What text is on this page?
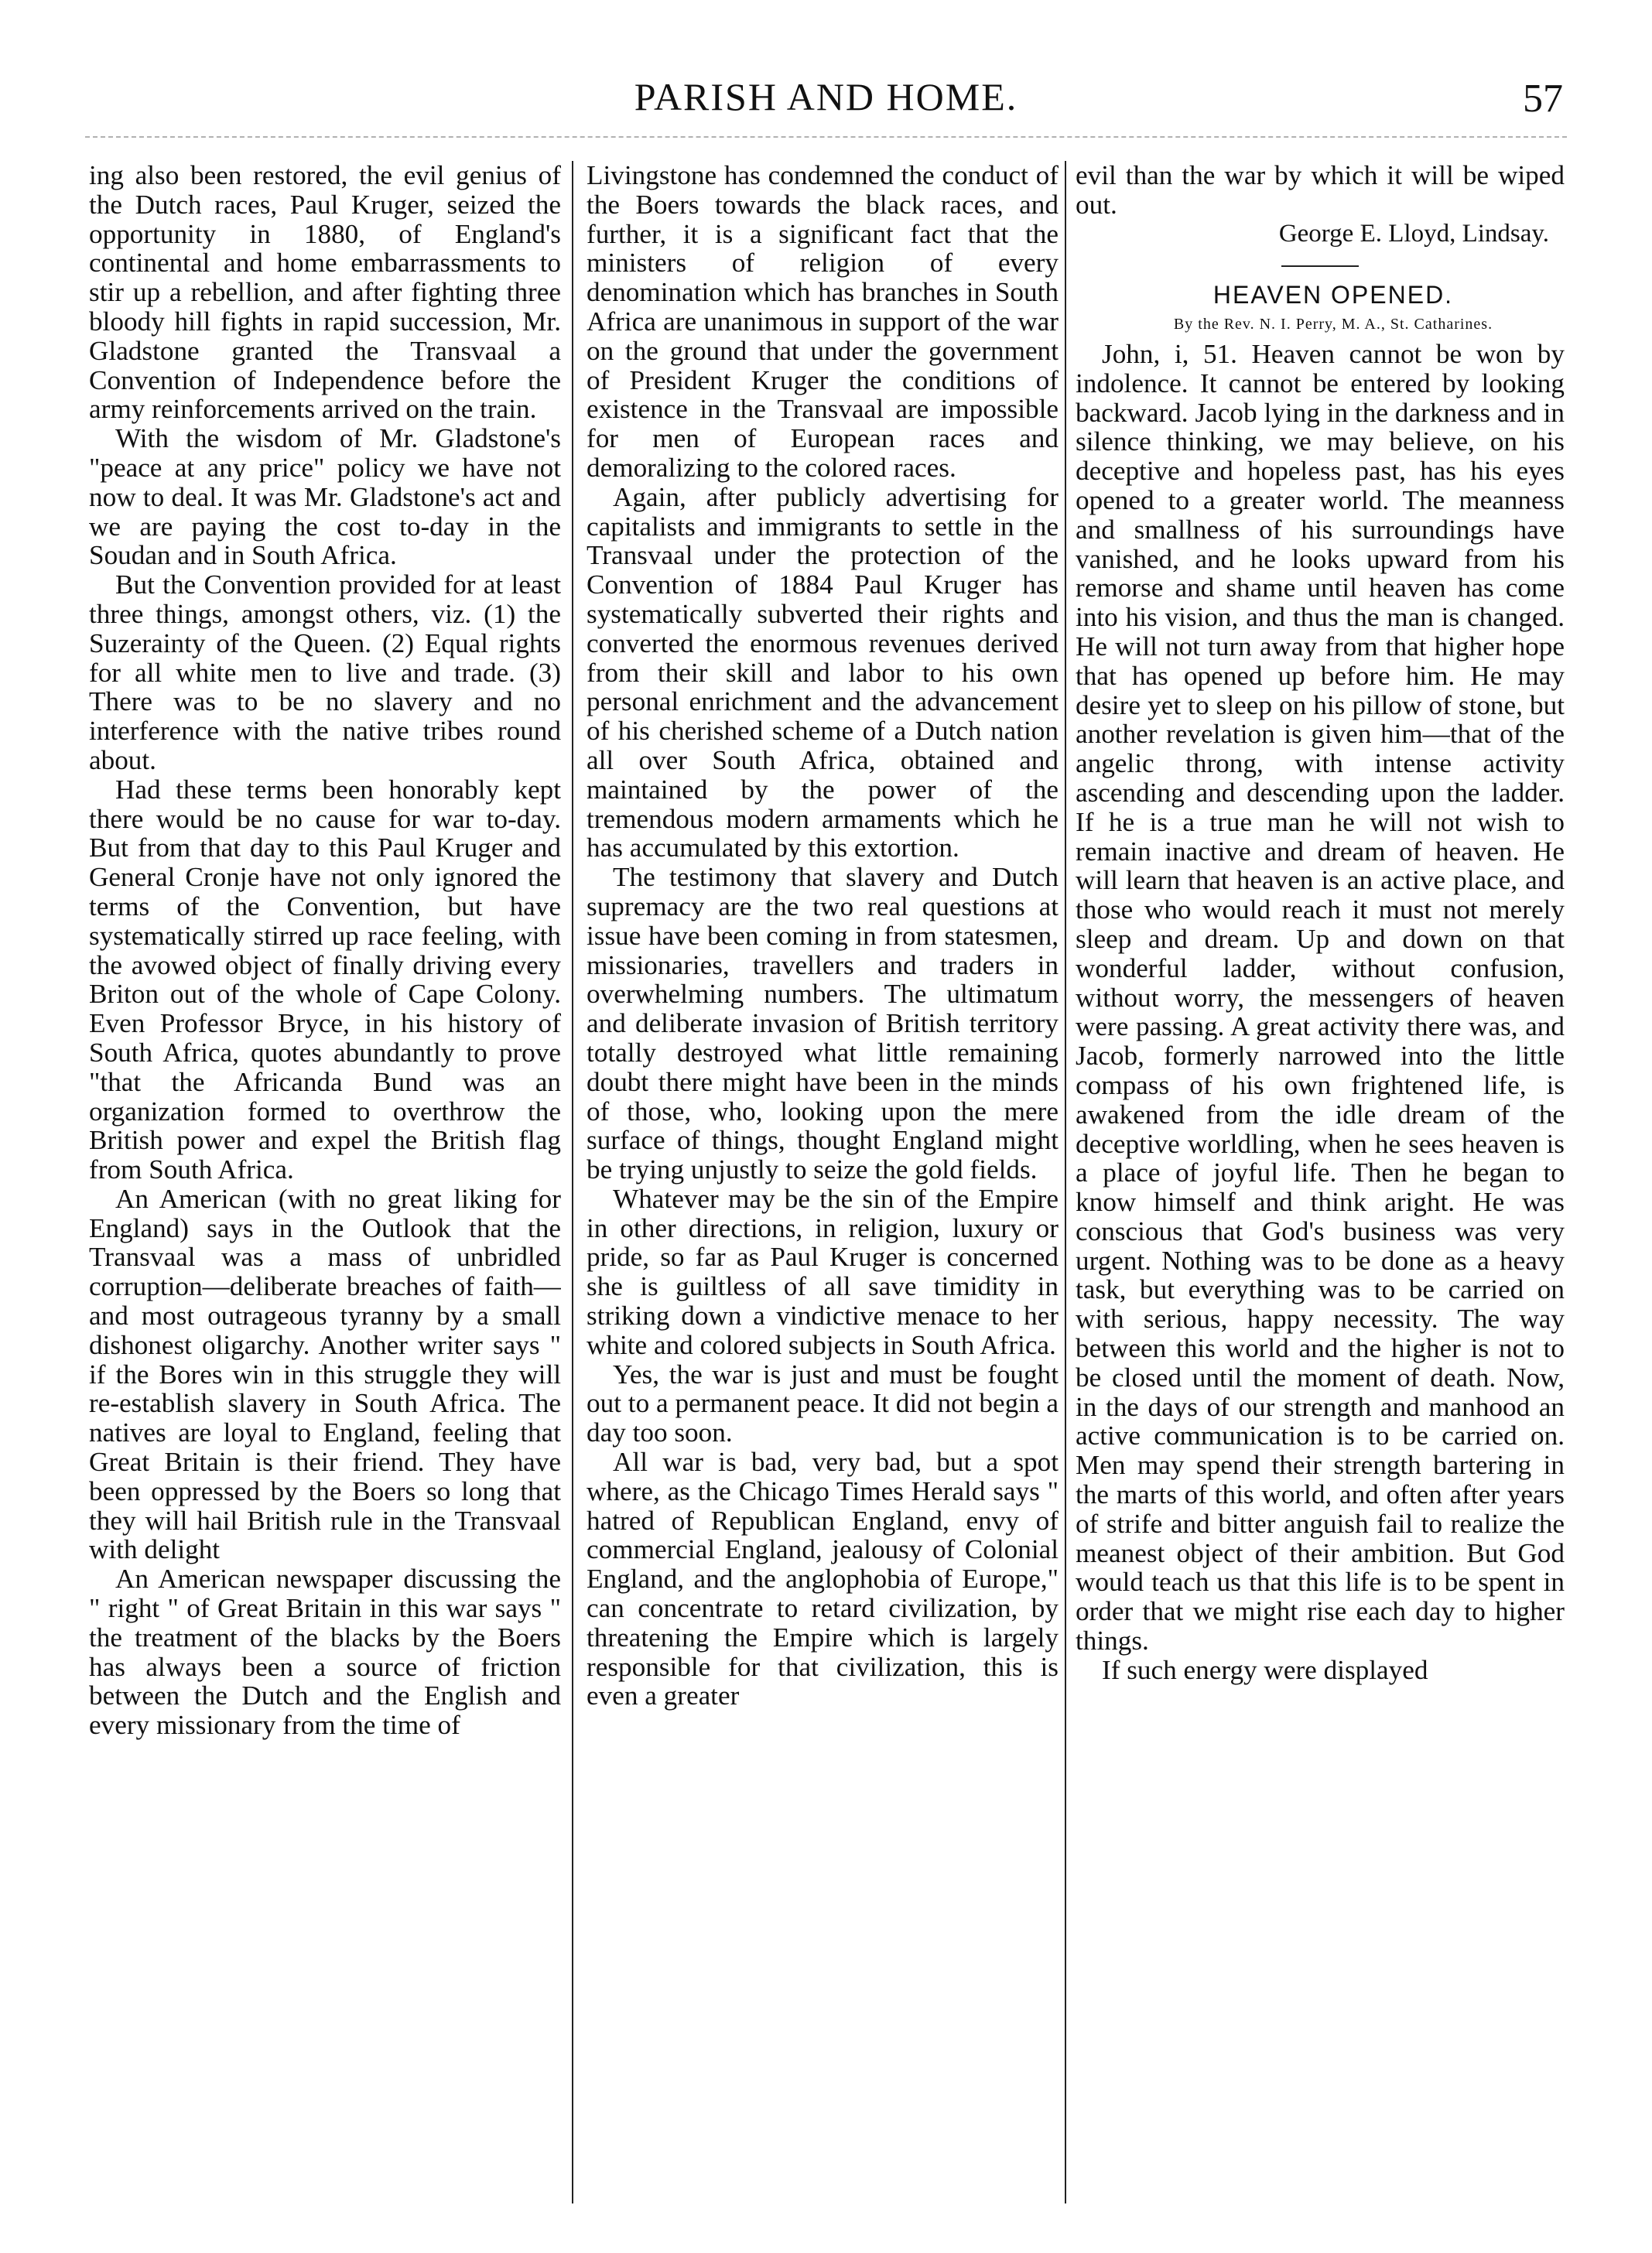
PARISH AND HOME.	57

ing also been restored, the evil genius of the Dutch races, Paul Kruger, seized the opportunity in 1880, of England's continental and home embarrassments to stir up a rebellion, and after fighting three bloody hill fights in rapid succession, Mr. Gladstone granted the Transvaal a Convention of Independence before the army reinforcements arrived on the train.

With the wisdom of Mr. Gladstone's "peace at any price" policy we have not now to deal. It was Mr. Gladstone's act and we are paying the cost to-day in the Soudan and in South Africa.

But the Convention provided for at least three things, amongst others, viz. (1) the Suzerainty of the Queen. (2) Equal rights for all white men to live and trade. (3) There was to be no slavery and no interference with the native tribes round about.

Had these terms been honorably kept there would be no cause for war to-day. But from that day to this Paul Kruger and General Cronje have not only ignored the terms of the Convention, but have systematically stirred up race feeling, with the avowed object of finally driving every Briton out of the whole of Cape Colony. Even Professor Bryce, in his history of South Africa, quotes abundantly to prove "that the Africanda Bund was an organization formed to overthrow the British power and expel the British flag from South Africa.

An American (with no great liking for England) says in the Outlook that the Transvaal was a mass of unbridled corruption—deliberate breaches of faith—and most outrageous tyranny by a small dishonest oligarchy. Another writer says " if the Bores win in this struggle they will re-establish slavery in South Africa. The natives are loyal to England, feeling that Great Britain is their friend. They have been oppressed by the Boers so long that they will hail British rule in the Transvaal with delight

An American newspaper discussing the " right " of Great Britain in this war says " the treatment of the blacks by the Boers has always been a source of friction between the Dutch and the English and every missionary from the time of

Livingstone has condemned the conduct of the Boers towards the black races, and further, it is a significant fact that the ministers of religion of every denomination which has branches in South Africa are unanimous in support of the war on the ground that under the government of President Kruger the conditions of existence in the Transvaal are impossible for men of European races and demoralizing to the colored races.

Again, after publicly advertising for capitalists and immigrants to settle in the Transvaal under the protection of the Convention of 1884 Paul Kruger has systematically subverted their rights and converted the enormous revenues derived from their skill and labor to his own personal enrichment and the advancement of his cherished scheme of a Dutch nation all over South Africa, obtained and maintained by the power of the tremendous modern armaments which he has accumulated by this extortion.

The testimony that slavery and Dutch supremacy are the two real questions at issue have been coming in from statesmen, missionaries, travellers and traders in overwhelming numbers. The ultimatum and deliberate invasion of British territory totally destroyed what little remaining doubt there might have been in the minds of those, who, looking upon the mere surface of things, thought England might be trying unjustly to seize the gold fields.

Whatever may be the sin of the Empire in other directions, in religion, luxury or pride, so far as Paul Kruger is concerned she is guiltless of all save timidity in striking down a vindictive menace to her white and colored subjects in South Africa.

Yes, the war is just and must be fought out to a permanent peace. It did not begin a day too soon.

All war is bad, very bad, but a spot where, as the Chicago Times Herald says " hatred of Republican England, envy of commercial England, jealousy of Colonial England, and the anglophobia of Europe," can concentrate to retard civilization, by threatening the Empire which is largely responsible for that civilization, this is even a greater

evil than the war by which it will be wiped out.

George E. Lloyd, Lindsay.

HEAVEN OPENED.

By the Rev. N. I. Perry, M. A., St. Catharines.

John, i, 51. Heaven cannot be won by indolence. It cannot be entered by looking backward. Jacob lying in the darkness and in silence thinking, we may believe, on his deceptive and hopeless past, has his eyes opened to a greater world. The meanness and smallness of his surroundings have vanished, and he looks upward from his remorse and shame until heaven has come into his vision, and thus the man is changed. He will not turn away from that higher hope that has opened up before him. He may desire yet to sleep on his pillow of stone, but another revelation is given him—that of the angelic throng, with intense activity ascending and descending upon the ladder. If he is a true man he will not wish to remain inactive and dream of heaven. He will learn that heaven is an active place, and those who would reach it must not merely sleep and dream. Up and down on that wonderful ladder, without confusion, without worry, the messengers of heaven were passing. A great activity there was, and Jacob, formerly narrowed into the little compass of his own frightened life, is awakened from the idle dream of the deceptive worldling, when he sees heaven is a place of joyful life. Then he began to know himself and think aright. He was conscious that God's business was very urgent. Nothing was to be done as a heavy task, but everything was to be carried on with serious, happy necessity. The way between this world and the higher is not to be closed until the moment of death. Now, in the days of our strength and manhood an active communication is to be carried on. Men may spend their strength bartering in the marts of this world, and often after years of strife and bitter anguish fail to realize the meanest object of their ambition. But God would teach us that this life is to be spent in order that we might rise each day to higher things.

If such energy were displayed
